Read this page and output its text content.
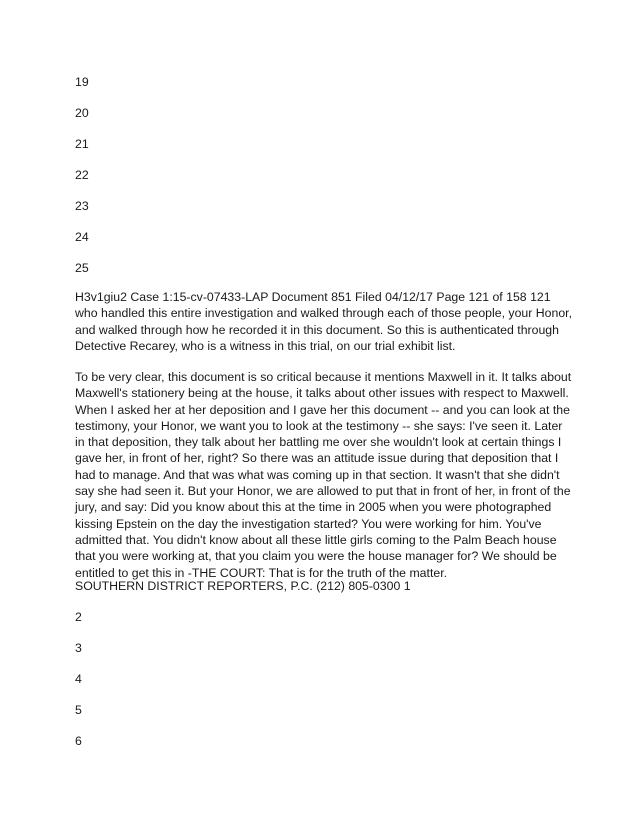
19

20

21

22

23

24

25

H3v1giu2 Case 1:15-cv-07433-LAP Document 851 Filed 04/12/17 Page 121 of 158 121 who handled this entire investigation and walked through each of those people, your Honor, and walked through how he recorded it in this document. So this is authenticated through Detective Recarey, who is a witness in this trial, on our trial exhibit list.

To be very clear, this document is so critical because it mentions Maxwell in it. It talks about Maxwell's stationery being at the house, it talks about other issues with respect to Maxwell. When I asked her at her deposition and I gave her this document -- and you can look at the testimony, your Honor, we want you to look at the testimony -- she says: I've seen it. Later in that deposition, they talk about her battling me over she wouldn't look at certain things I gave her, in front of her, right? So there was an attitude issue during that deposition that I had to manage. And that was what was coming up in that section. It wasn't that she didn't say she had seen it. But your Honor, we are allowed to put that in front of her, in front of the jury, and say: Did you know about this at the time in 2005 when you were photographed kissing Epstein on the day the investigation started? You were working for him. You've admitted that. You didn't know about all these little girls coming to the Palm Beach house that you were working at, that you claim you were the house manager for? We should be entitled to get this in -THE COURT: That is for the truth of the matter.

SOUTHERN DISTRICT REPORTERS, P.C. (212) 805-0300 1

2

3

4

5

6
